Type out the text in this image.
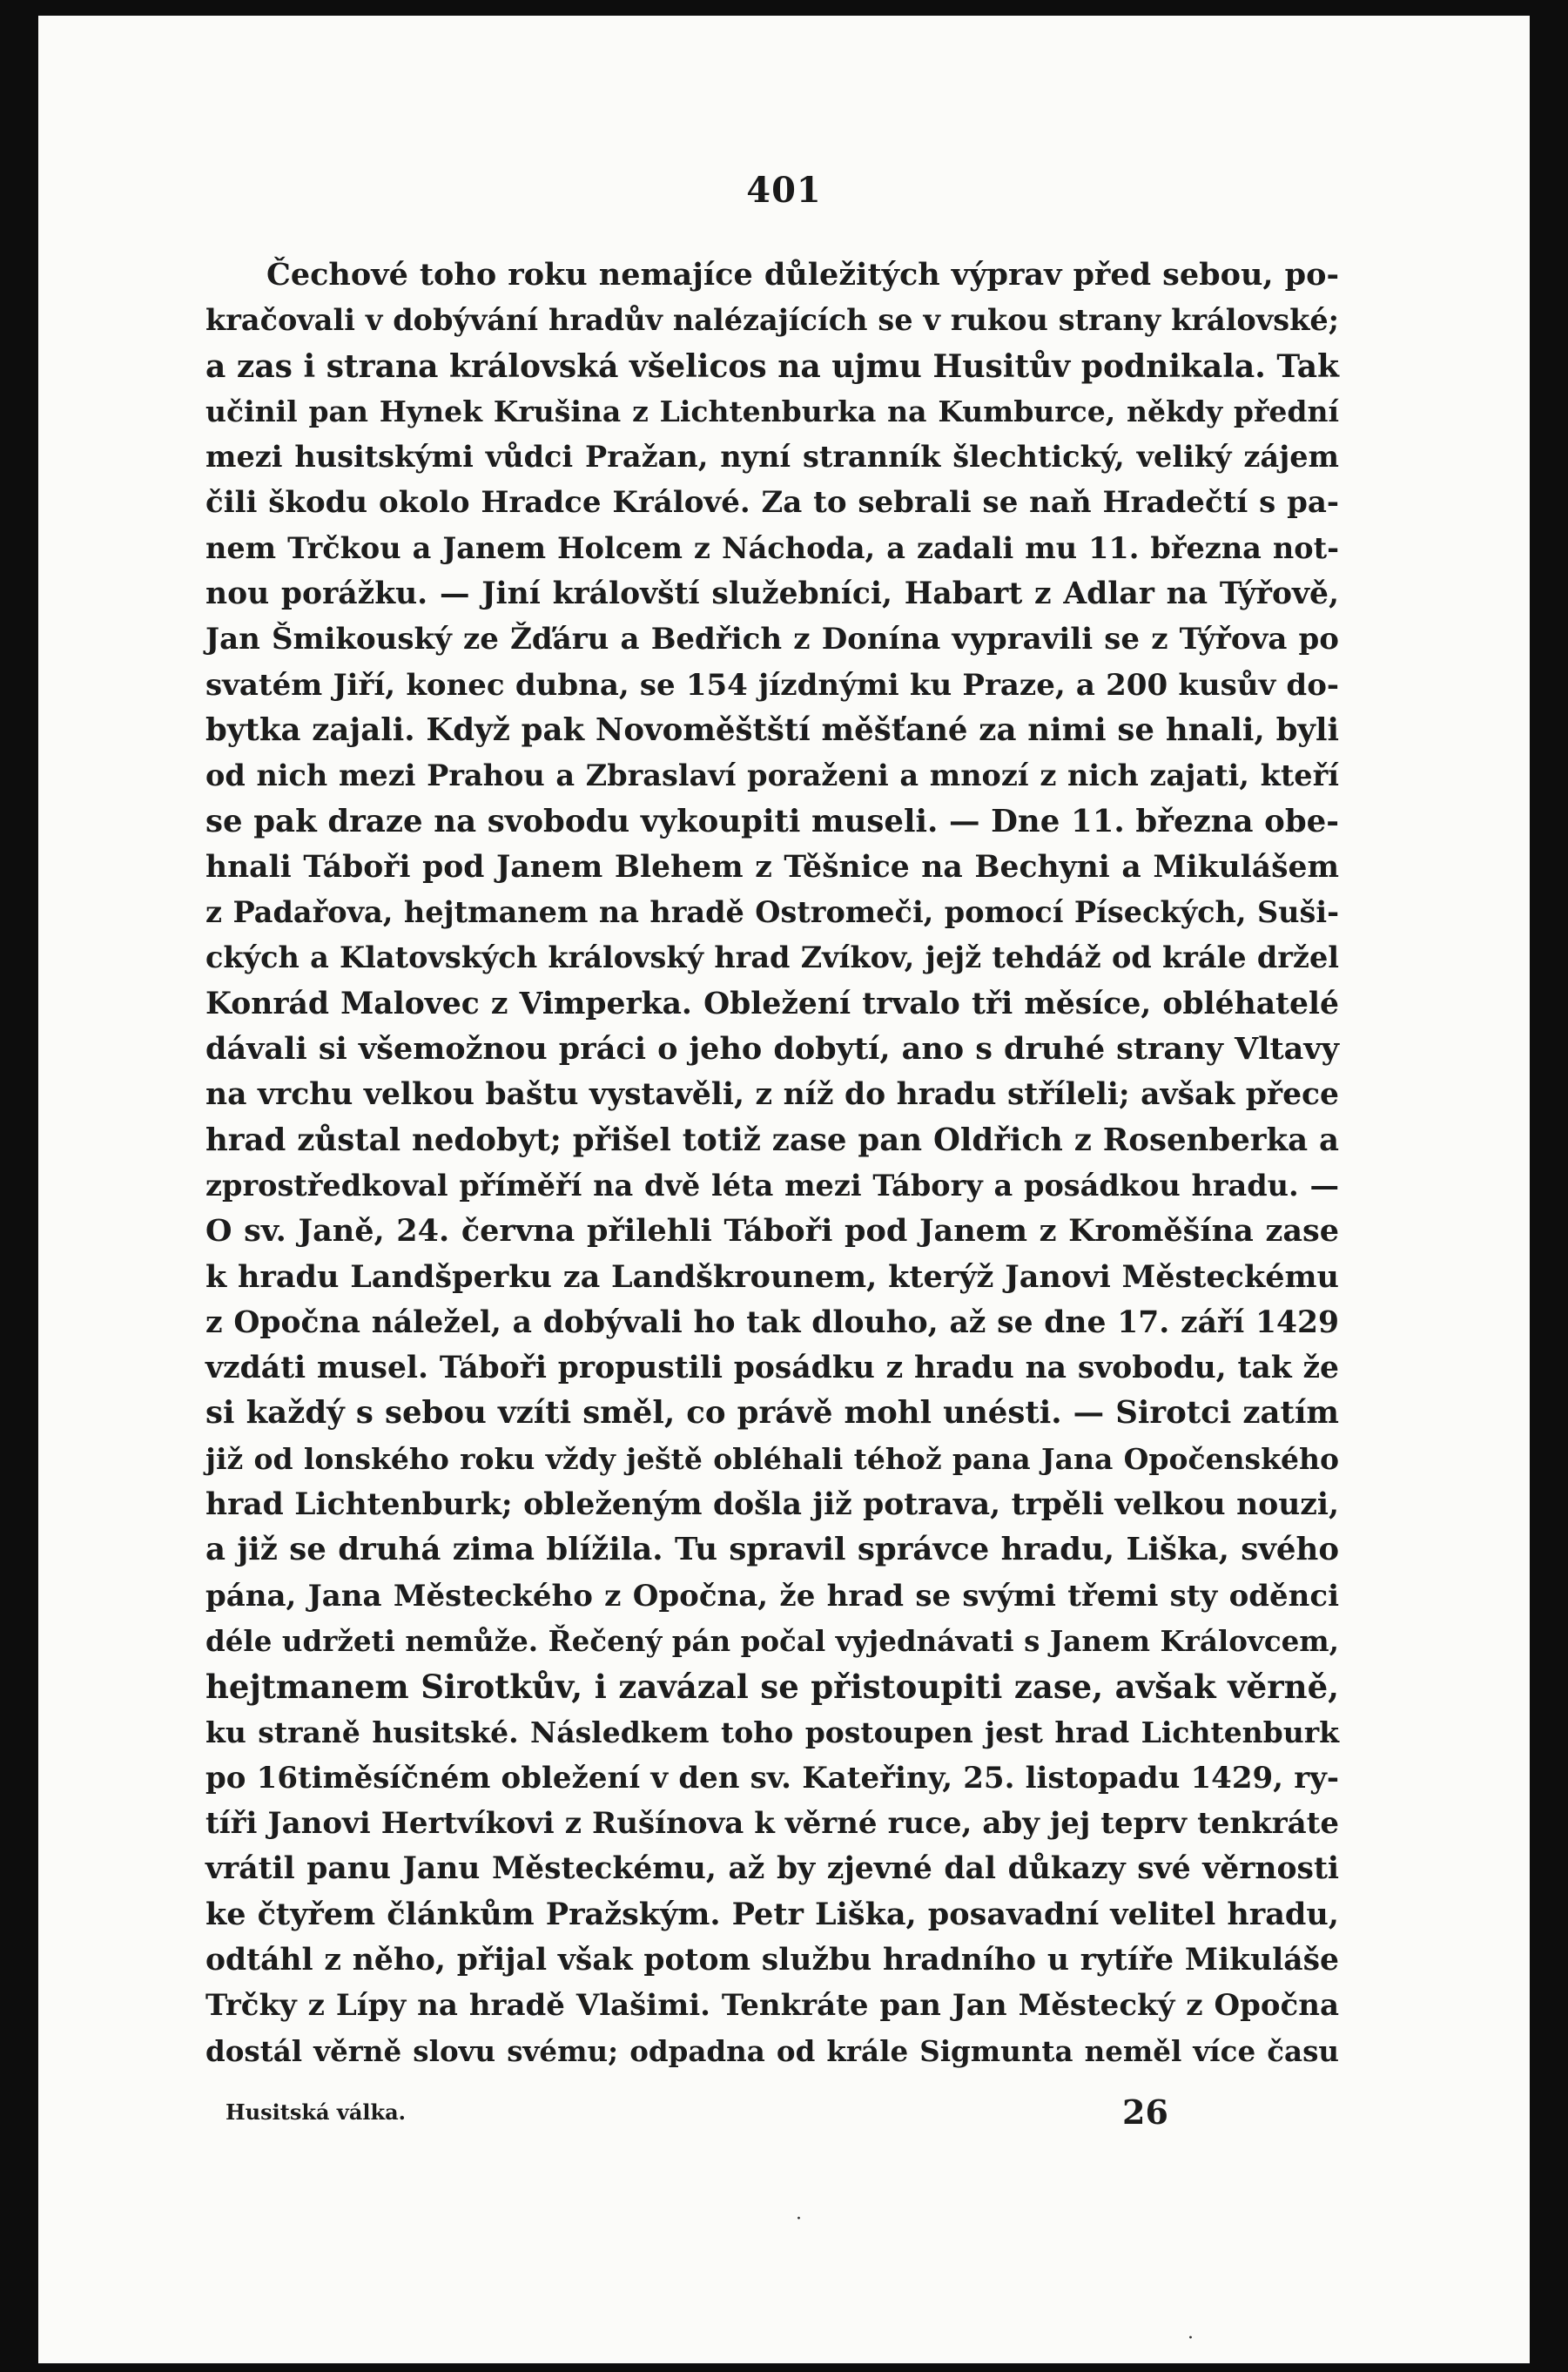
401
Čechové toho roku nemajíce důležitých výprav před sebou, po-
kračovali v dobývání hradův nalézajících se v rukou strany královské;
a zas i strana královská všelicos na ujmu Husitův podnikala. Tak
učinil pan Hynek Krušina z Lichtenburka na Kumburce, někdy přední
mezi husitskými vůdci Pražan, nyní stranník šlechtický, veliký zájem
čili škodu okolo Hradce Králové. Za to sebrali se naň Hradečtí s pa-
nem Trčkou a Janem Holcem z Náchoda, a zadali mu 11. března not-
nou porážku. — Jiní královští služebníci, Habart z Adlar na Týřově,
Jan Šmikouský ze Žďáru a Bedřich z Donína vypravili se z Týřova po
svatém Jiří, konec dubna, se 154 jízdnými ku Praze, a 200 kusův do-
bytka zajali. Když pak Novoměštští měšťané za nimi se hnali, byli
od nich mezi Prahou a Zbraslaví poraženi a mnozí z nich zajati, kteří
se pak draze na svobodu vykoupiti museli. — Dne 11. března obe-
hnali Táboři pod Janem Blehem z Těšnice na Bechyni a Mikulášem
z Padařova, hejtmanem na hradě Ostromeči, pomocí Píseckých, Suši-
ckých a Klatovských královský hrad Zvíkov, jejž tehdáž od krále držel
Konrád Malovec z Vimperka. Obležení trvalo tři měsíce, obléhatelé
dávali si všemožnou práci o jeho dobytí, ano s druhé strany Vltavy
na vrchu velkou baštu vystavěli, z níž do hradu stříleli; avšak přece
hrad zůstal nedobyt; přišel totiž zase pan Oldřich z Rosenberka a
zprostředkoval příměří na dvě léta mezi Tábory a posádkou hradu. —
O sv. Janě, 24. června přilehli Táboři pod Janem z Kroměšína zase
k hradu Landšperku za Landškrounem, kterýž Janovi Městeckému
z Opočna náležel, a dobývali ho tak dlouho, až se dne 17. září 1429
vzdáti musel. Táboři propustili posádku z hradu na svobodu, tak že
si každý s sebou vzíti směl, co právě mohl unésti. — Sirotci zatím
již od lonského roku vždy ještě obléhali téhož pana Jana Opočenského
hrad Lichtenburk; obleženým došla již potrava, trpěli velkou nouzi,
a již se druhá zima blížila. Tu spravil správce hradu, Liška, svého
pána, Jana Městeckého z Opočna, že hrad se svými třemi sty oděnci
déle udržeti nemůže. Řečený pán počal vyjednávati s Janem Královcem,
hejtmanem Sirotkův, i zavázal se přistoupiti zase, avšak věrně,
ku straně husitské. Následkem toho postoupen jest hrad Lichtenburk
po 16timěsíčném obležení v den sv. Kateřiny, 25. listopadu 1429, ry-
tíři Janovi Hertvíkovi z Rušínova k věrné ruce, aby jej teprv tenkráte
vrátil panu Janu Městeckému, až by zjevné dal důkazy své věrnosti
ke čtyřem článkům Pražským. Petr Liška, posavadní velitel hradu,
odtáhl z něho, přijal však potom službu hradního u rytíře Mikuláše
Trčky z Lípy na hradě Vlašimi. Tenkráte pan Jan Městecký z Opočna
dostál věrně slovu svému; odpadna od krále Sigmunta neměl více času
Husitská válka.	26
·
·
